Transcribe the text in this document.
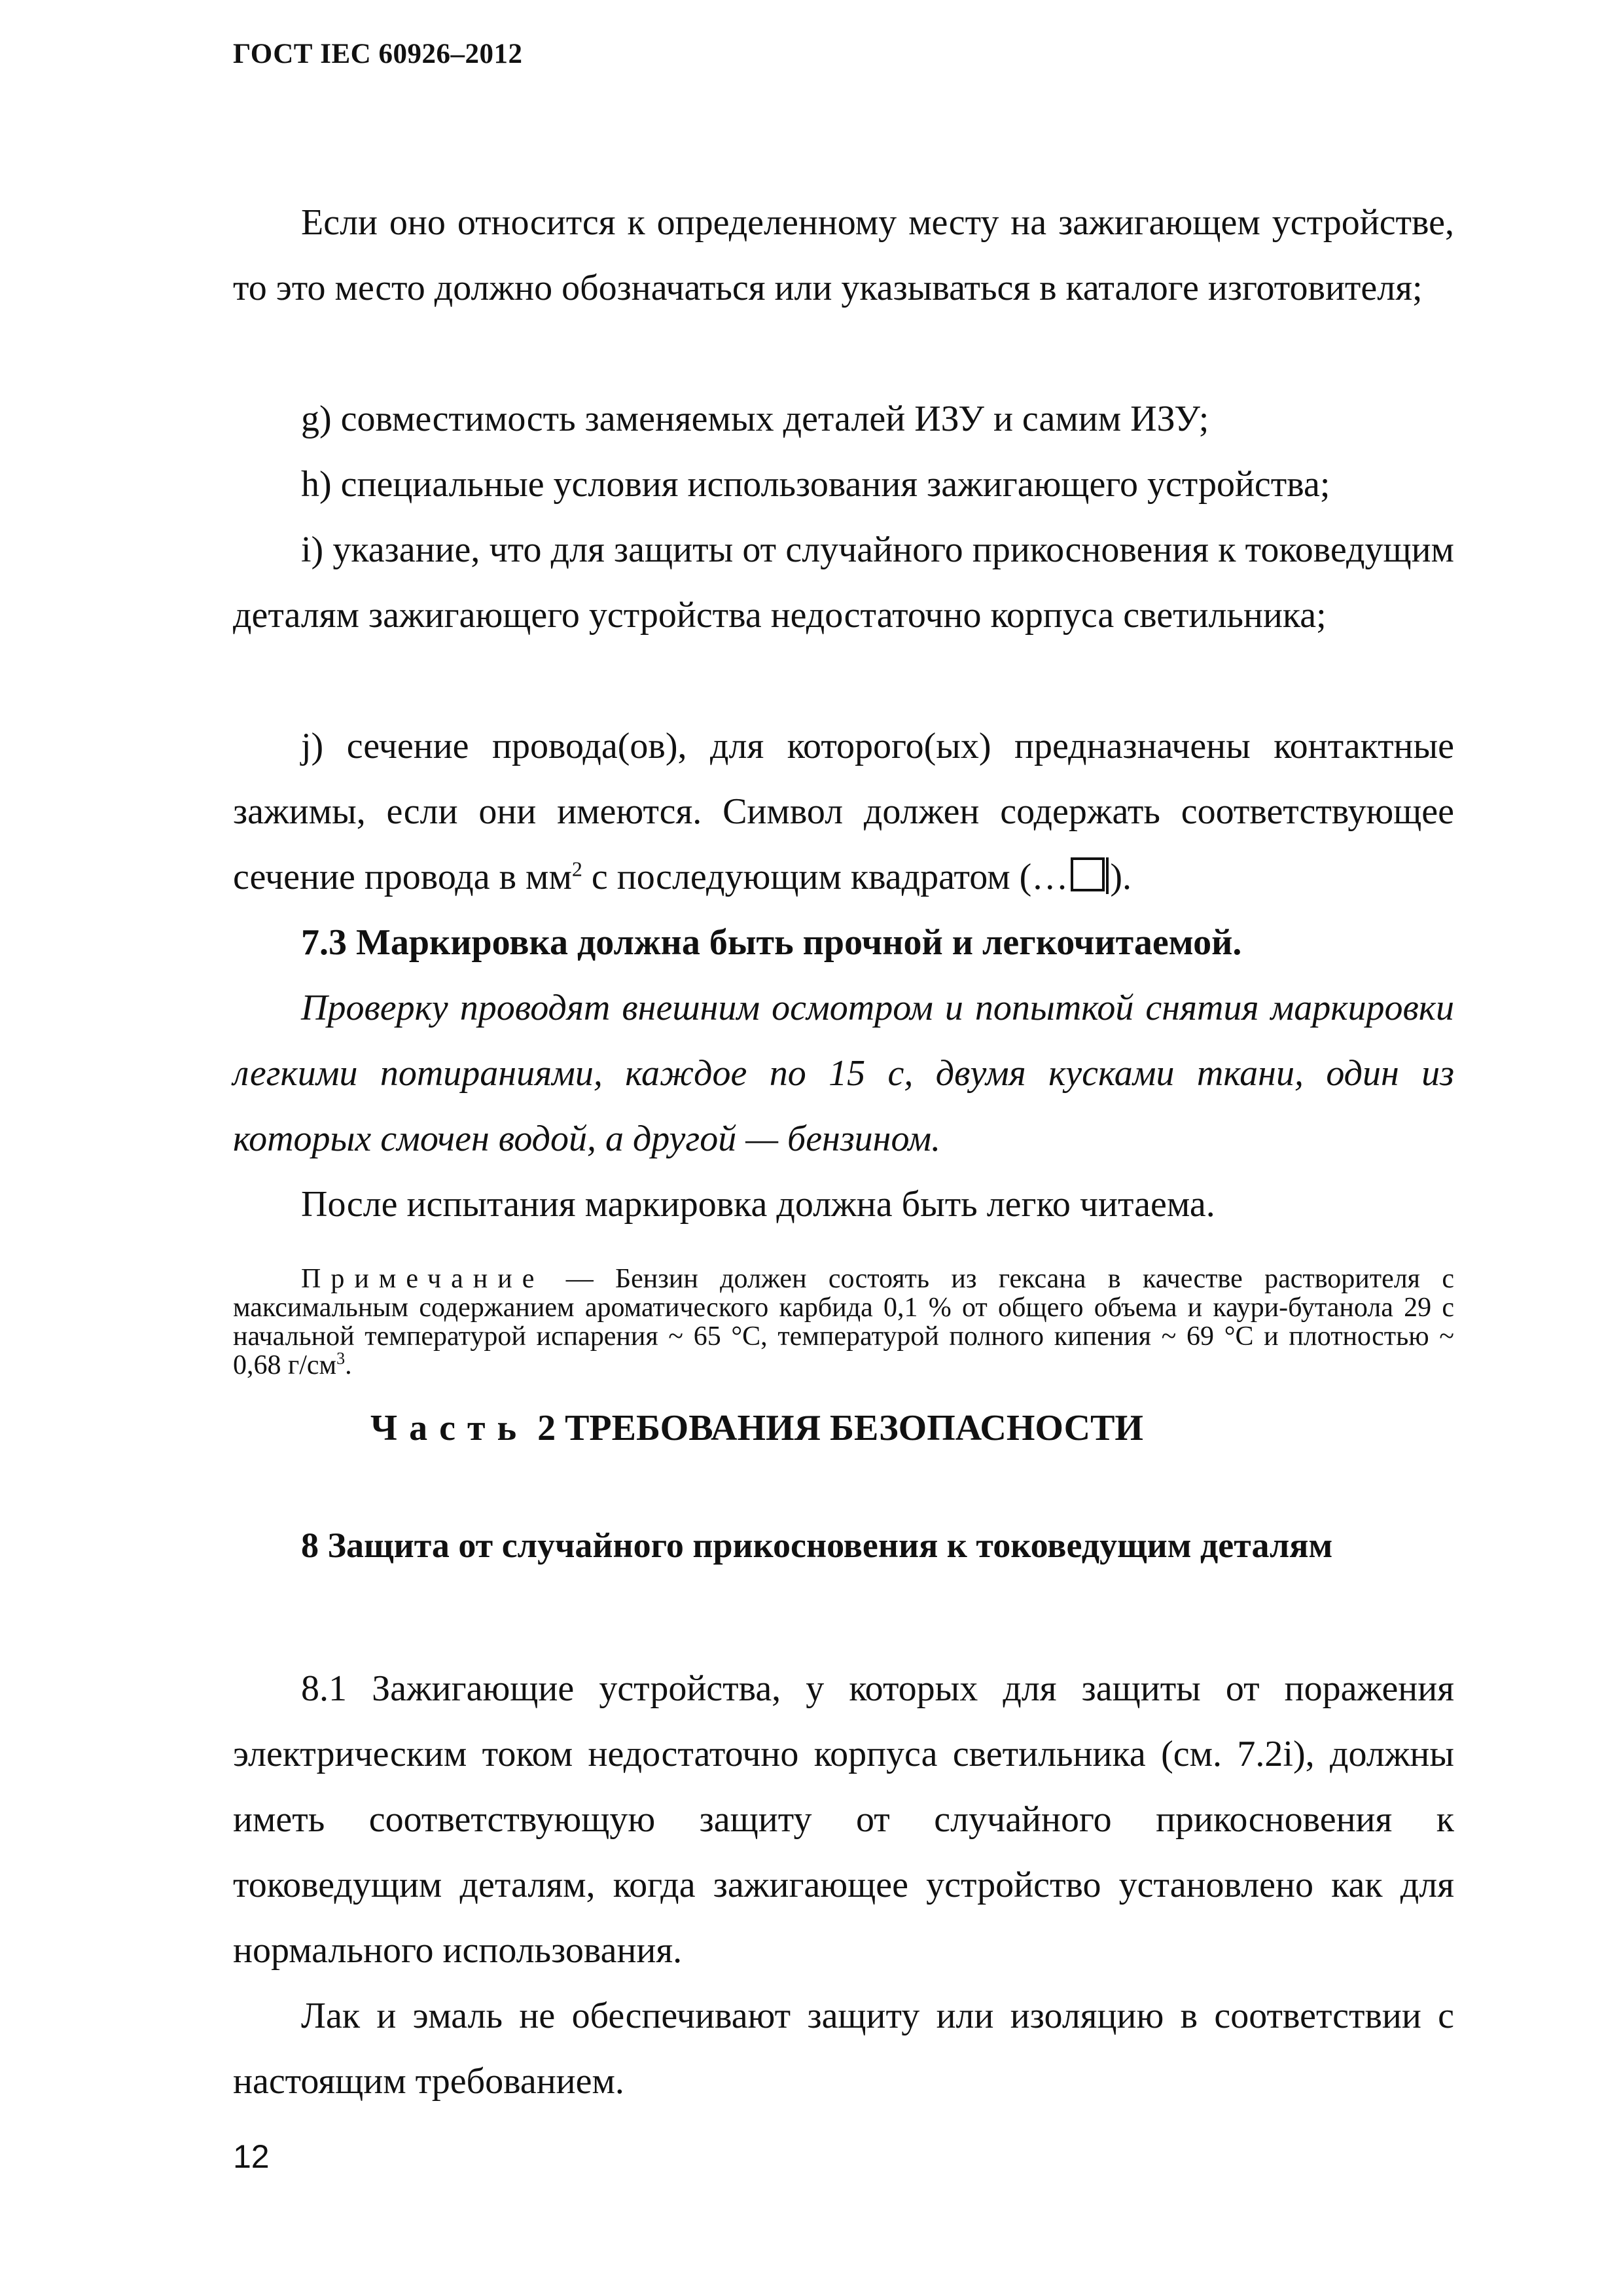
ГОСТ IEC 60926–2012

Если оно относится к определенному месту на зажигающем устройстве, то это место должно обозначаться или указываться в каталоге изготовителя;

g) совместимость заменяемых деталей ИЗУ и самим ИЗУ;

h) специальные условия использования зажигающего устройства;

i) указание, что для защиты от случайного прикосновения к токоведущим деталям зажигающего устройства недостаточно корпуса светильника;

j) сечение провода(ов), для которого(ых) предназначены контактные зажимы, если они имеются. Символ должен содержать соответствующее сечение провода в $мм^2$ с последующим квадратом (… ).

7.3 Маркировка должна быть прочной и легкочитаемой.

Проверку проводят внешним осмотром и попыткой снятия маркировки легкими потираниями, каждое по 15 с, двумя кусками ткани, один из которых смочен водой, а другой — бензином.

После испытания маркировка должна быть легко читаема.

Примечание — Бензин должен состоять из гексана в качестве растворителя с максимальным содержанием ароматического карбида 0,1 % от общего объема и каури-бутанола 29 с начальной температурой испарения ~ 65 °С, температурой полного кипения ~ 69 °С и плотностью ~ 0,68 $г/см^3$.

Часть 2 ТРЕБОВАНИЯ БЕЗОПАСНОСТИ
8 Защита от случайного прикосновения к токоведущим деталям

8.1 Зажигающие устройства, у которых для защиты от поражения электрическим током недостаточно корпуса светильника (см. 7.2i), должны иметь соответствующую защиту от случайного прикосновения к токоведущим деталям, когда зажигающее устройство установлено как для нормального использования.

Лак и эмаль не обеспечивают защиту или изоляцию в соответствии с настоящим требованием.

12
